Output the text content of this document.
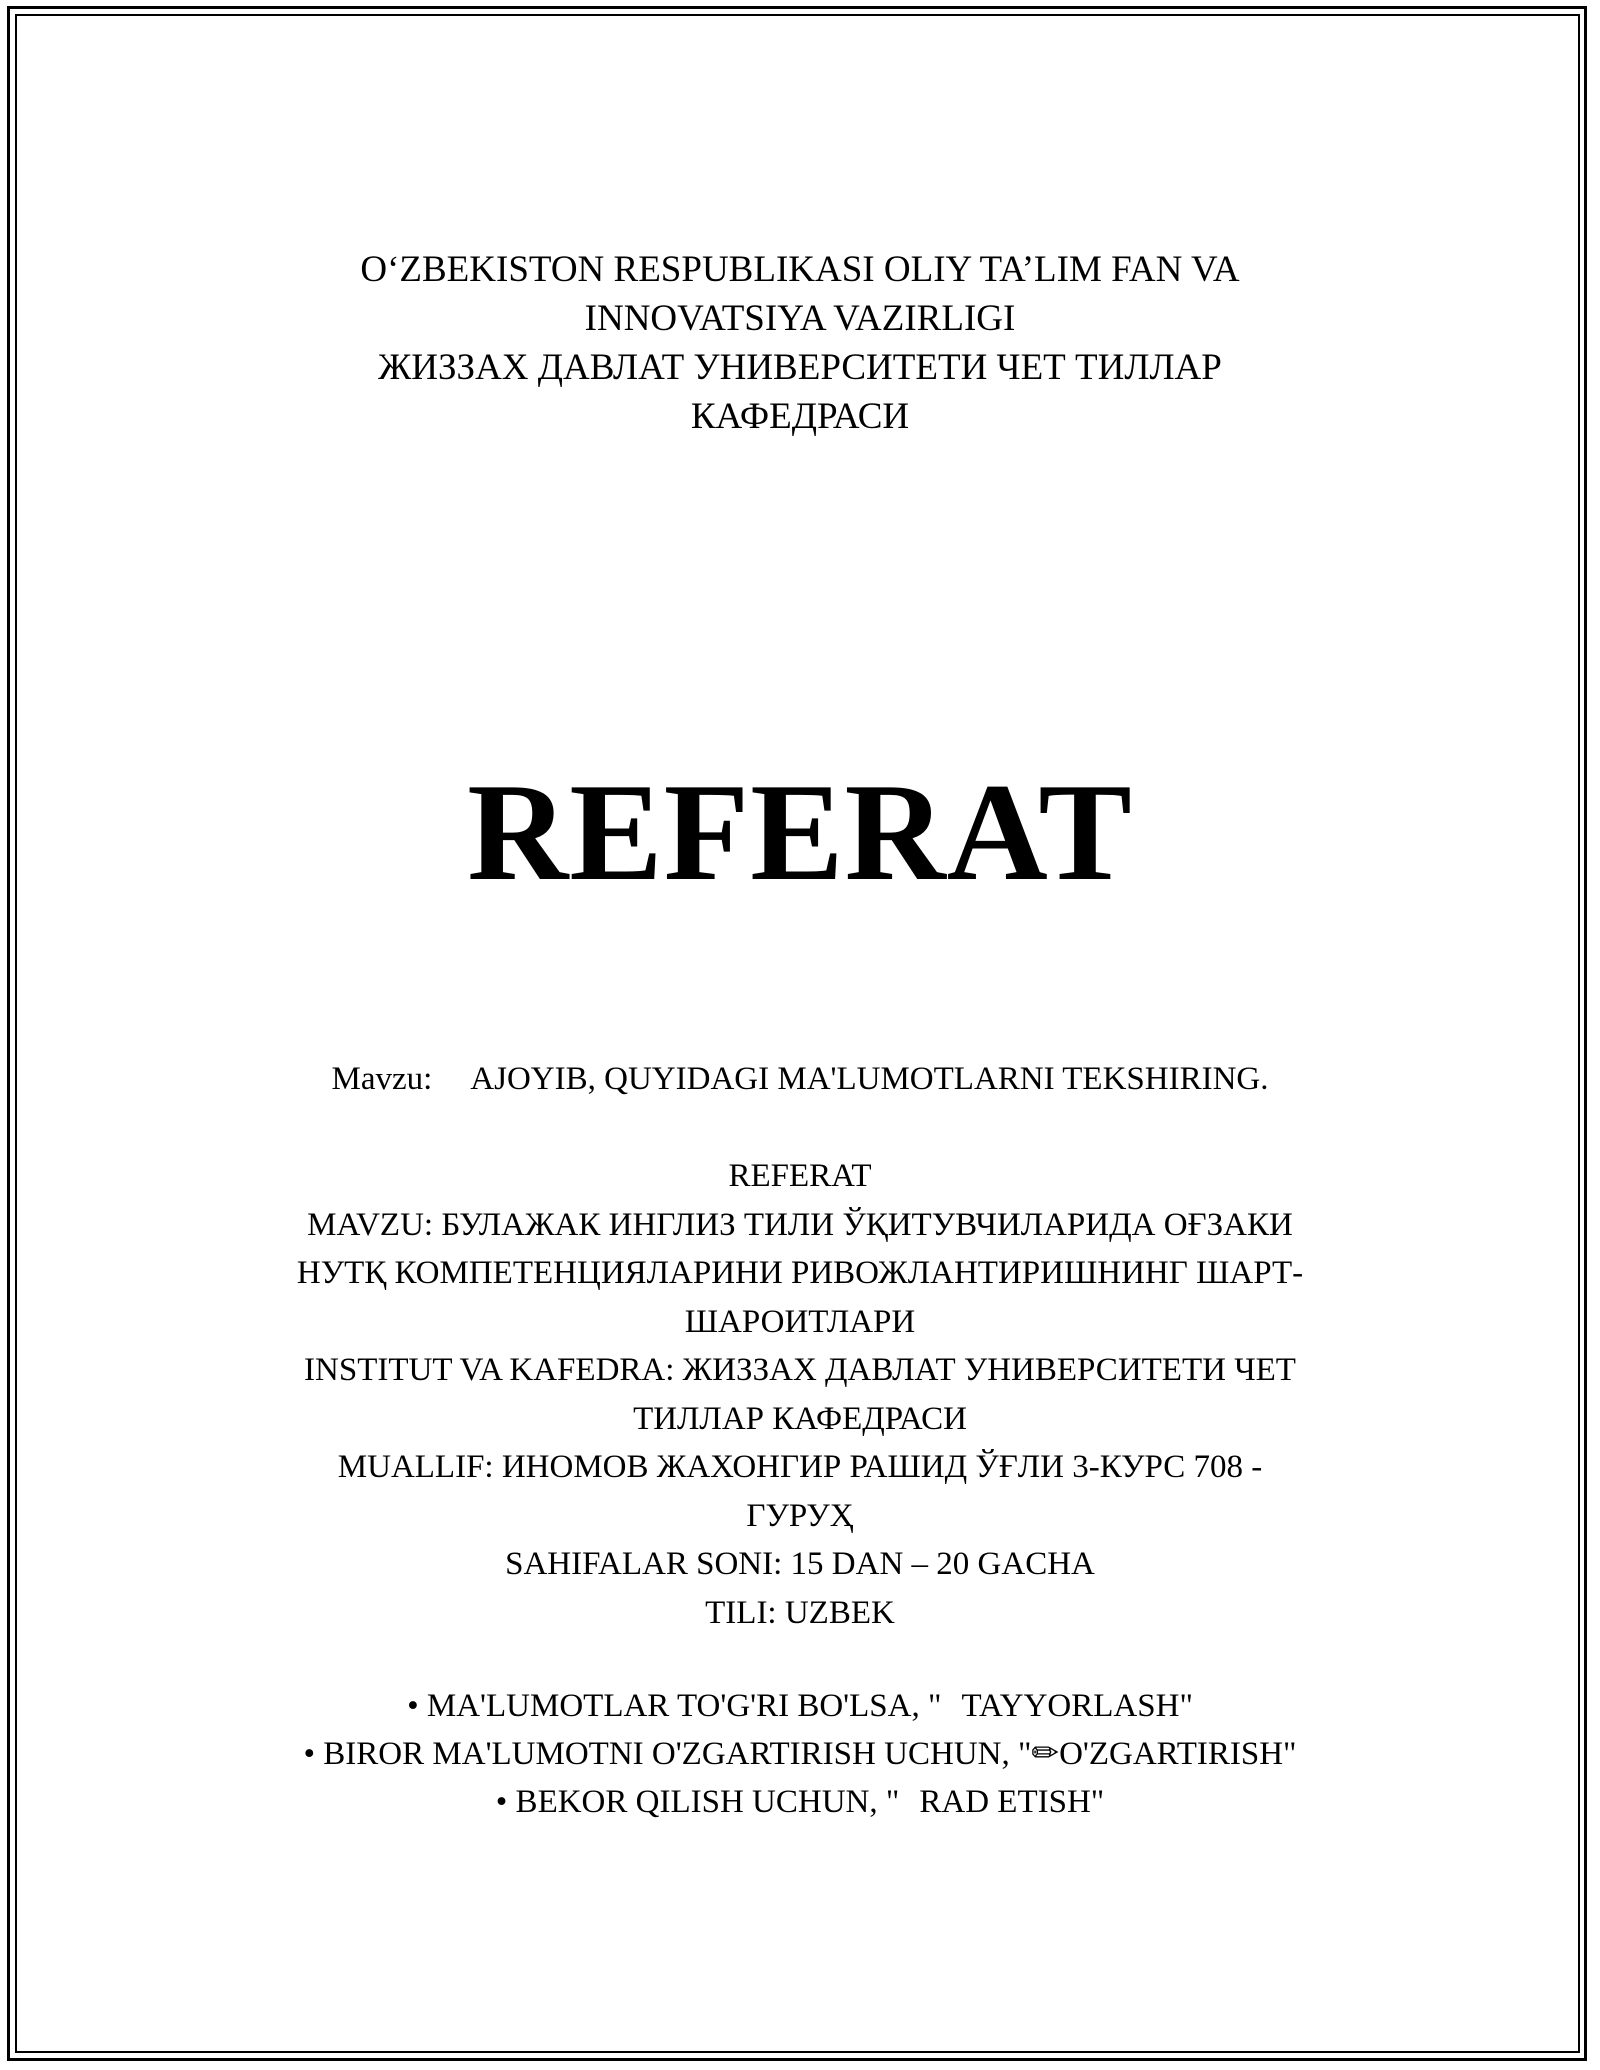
O‘ZBEKISTON RESPUBLIKASI OLIY TA’LIM FAN VA
INNOVATSIYA VAZIRLIGI
ЖИЗЗАХ ДАВЛАТ УНИВЕРСИТЕТИ ЧЕТ ТИЛЛАР
КАФЕДРАСИ
REFERAT
Mavzu: AJOYIB, QUYIDAGI MA'LUMOTLARNI TEKSHIRING.
REFERAT
MAVZU: БУЛАЖАК ИНГЛИЗ ТИЛИ ЎҚИТУВЧИЛАРИДА ОҒЗАКИ
НУТҚ КОМПЕТЕНЦИЯЛАРИНИ РИВОЖЛАНТИРИШНИНГ ШАРТ-
ШАРОИТЛАРИ
INSTITUT VA KAFEDRA: ЖИЗЗАХ ДАВЛАТ УНИВЕРСИТЕТИ ЧЕТ
ТИЛЛАР КАФЕДРАСИ
MUALLIF: ИНОМОВ ЖАХОНГИР РАШИД ЎҒЛИ 3-КУРС 708 -
ГУРУҲ
SAHIFALAR SONI: 15 DAN – 20 GACHA
TILI: UZBEK
• MA'LUMOTLAR TO'G'RI BO'LSA, " TAYYORLASH"
• BIROR MA'LUMOTNI O'ZGARTIRISH UCHUN, "✏O'ZGARTIRISH"
• BEKOR QILISH UCHUN, " RAD ETISH"
